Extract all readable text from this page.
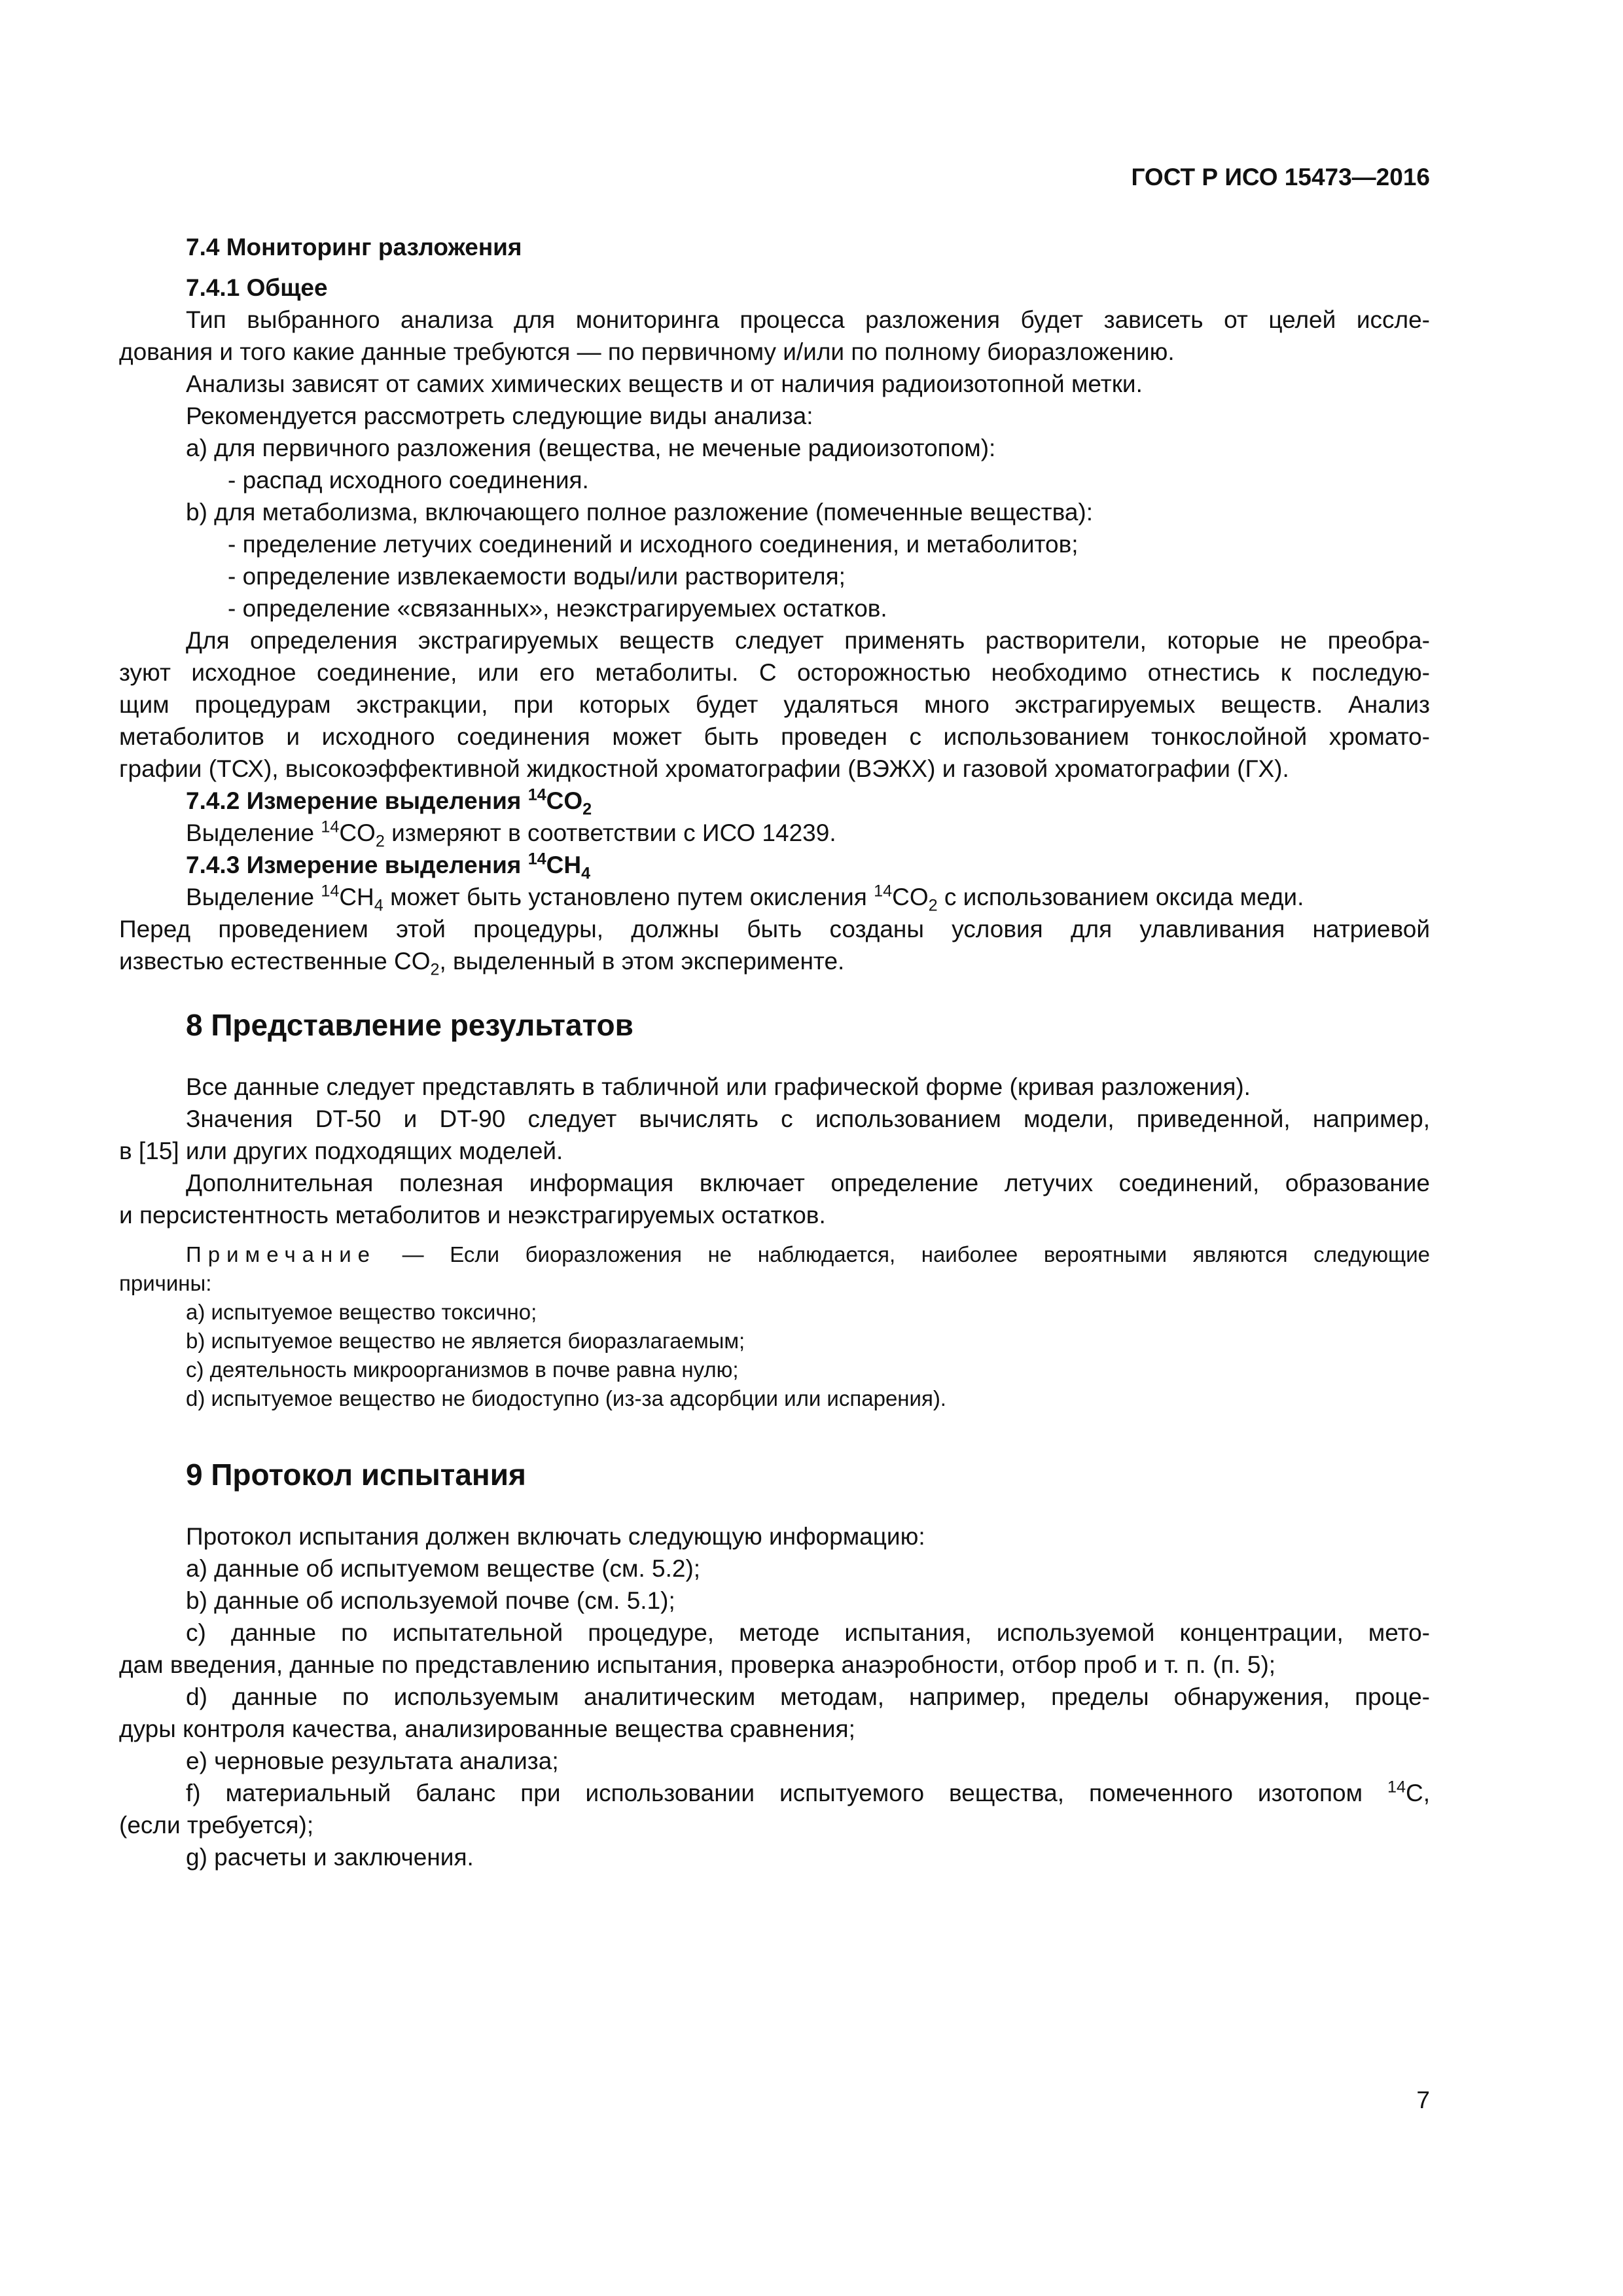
ГОСТ Р ИСО 15473—2016
7.4 Мониторинг разложения
7.4.1 Общее
Тип выбранного анализа для мониторинга процесса разложения будет зависеть от целей иссле-
дования и того какие данные требуются — по первичному и/или по полному биоразложению.
Анализы зависят от самих химических веществ и от наличия радиоизотопной метки.
Рекомендуется рассмотреть следующие виды анализа:
a) для первичного разложения (вещества, не меченые радиоизотопом):
- распад исходного соединения.
b) для метаболизма, включающего полное разложение (помеченные вещества):
- пределение летучих соединений и исходного соединения, и метаболитов;
- определение извлекаемости воды/или растворителя;
- определение «связанных», неэкстрагируемыех остатков.
Для определения экстрагируемых веществ следует применять растворители, которые не преобра-
зуют исходное соединение, или его метаболиты. С осторожностью необходимо отнестись к последую-
щим процедурам экстракции, при которых будет удаляться много экстрагируемых веществ. Анализ
метаболитов и исходного соединения может быть проведен с использованием тонкослойной хромато-
графии (ТСХ), высокоэффективной жидкостной хроматографии (ВЭЖХ) и газовой хроматографии (ГХ).
7.4.2 Измерение выделения $^{14}CO_2$
Выделение $^{14}CO_2$ измеряют в соответствии с ИСО 14239.
7.4.3 Измерение выделения $^{14}CH_4$
Выделение $^{14}CH_4$ может быть установлено путем окисления $^{14}CO_2$ с использованием оксида меди.
Перед проведением этой процедуры, должны быть созданы условия для улавливания натриевой
известью естественные $CO_2$, выделенный в этом эксперименте.
8 Представление результатов
Все данные следует представлять в табличной или графической форме (кривая разложения).
Значения DT-50 и DT-90 следует вычислять с использованием модели, приведенной, например,
в [15] или других подходящих моделей.
Дополнительная полезная информация включает определение летучих соединений, образование
и персистентность метаболитов и неэкстрагируемых остатков.
Примечание — Если биоразложения не наблюдается, наиболее вероятными являются следующие
причины:
a) испытуемое вещество токсично;
b) испытуемое вещество не является биоразлагаемым;
c) деятельность микроорганизмов в почве равна нулю;
d) испытуемое вещество не биодоступно (из-за адсорбции или испарения).
9 Протокол испытания
Протокол испытания должен включать следующую информацию:
a) данные об испытуемом веществе (см. 5.2);
b) данные об используемой почве (см. 5.1);
c) данные по испытательной процедуре, методе испытания, используемой концентрации, мето-
дам введения, данные по представлению испытания, проверка анаэробности, отбор проб и т. п. (п. 5);
d) данные по используемым аналитическим методам, например, пределы обнаружения, проце-
дуры контроля качества, анализированные вещества сравнения;
e) черновые результата анализа;
f) материальный баланс при использовании испытуемого вещества, помеченного изотопом $^{14}$С,
(если требуется);
g) расчеты и заключения.
7
